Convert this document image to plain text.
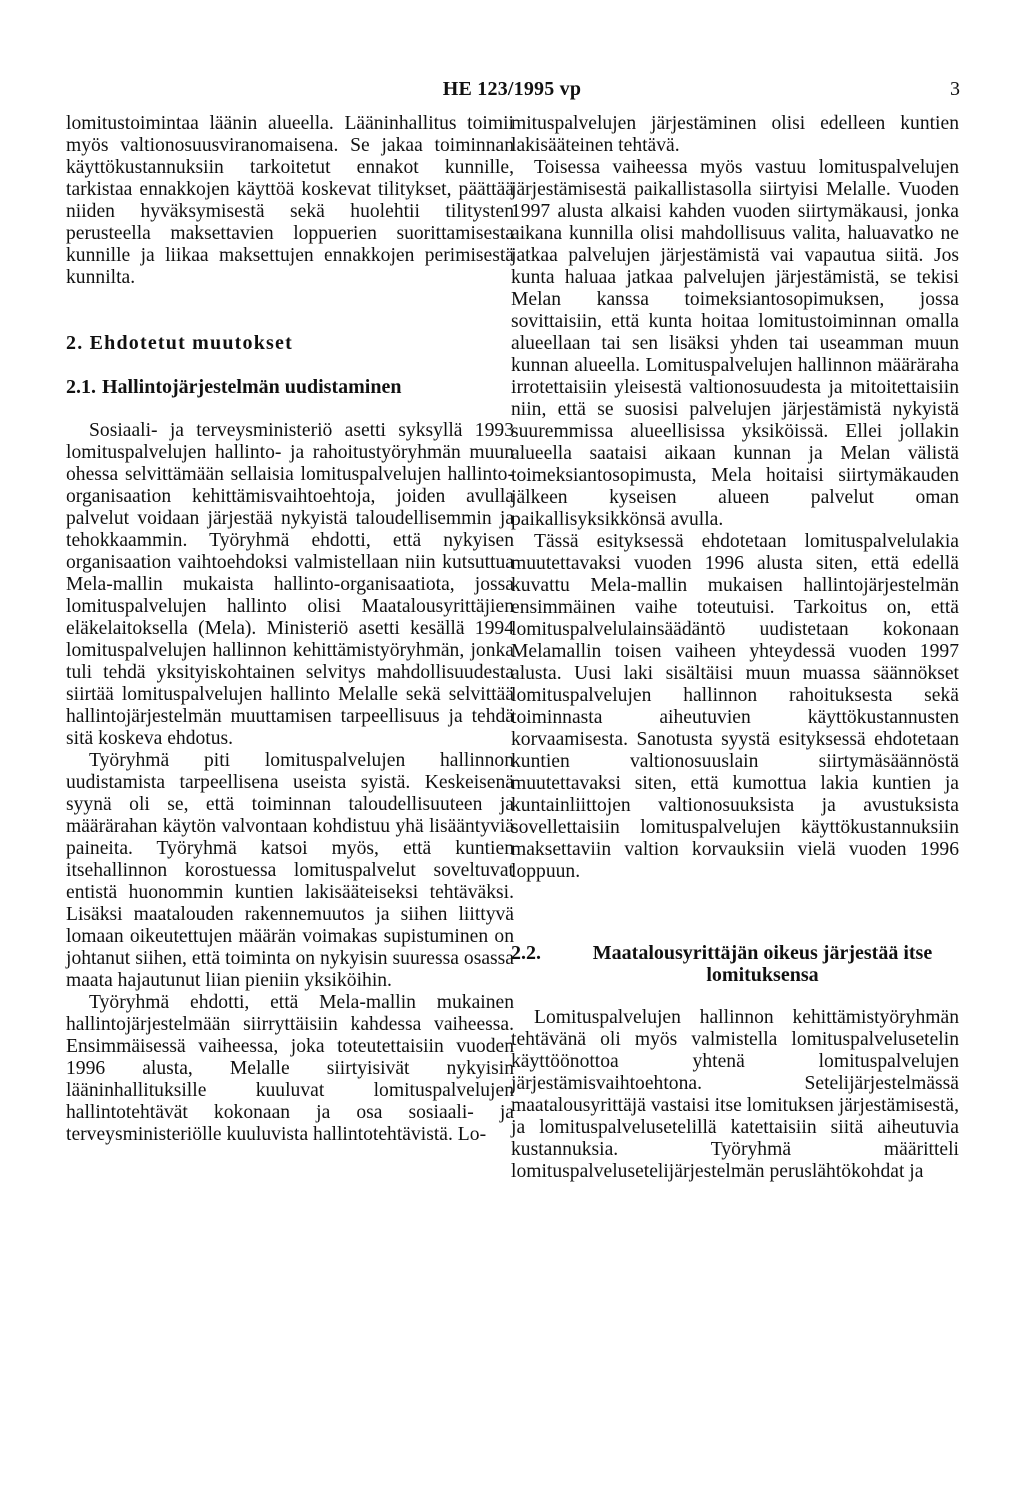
HE 123/1995 vp	3

lomitustoimintaa läänin alueella. Lääninhallitus toimii myös valtionosuusviranomaisena. Se jakaa toiminnan käyttökustannuksiin tarkoitetut ennakot kunnille, tarkistaa ennakkojen käyttöä koskevat tilitykset, päättää niiden hyväksymisestä sekä huolehtii tilitysten perusteella maksettavien loppuerien suorittamisesta kunnille ja liikaa maksettujen ennakkojen perimisestä kunnilta.

2. Ehdotetut muutokset

2.1. Hallintojärjestelmän uudistaminen

Sosiaali- ja terveysministeriö asetti syksyllä 1993 lomituspalvelujen hallinto- ja rahoitustyöryhmän muun ohessa selvittämään sellaisia lomituspalvelujen hallinto-organisaation kehittämisvaihtoehtoja, joiden avulla palvelut voidaan järjestää nykyistä taloudellisemmin ja tehokkaammin. Työryhmä ehdotti, että nykyisen organisaation vaihtoehdoksi valmistellaan niin kutsuttua Mela-mallin mukaista hallinto-organisaatiota, jossa lomituspalvelujen hallinto olisi Maatalousyrittäjien eläkelaitoksella (Mela). Ministeriö asetti kesällä 1994 lomituspalvelujen hallinnon kehittämistyöryhmän, jonka tuli tehdä yksityiskohtainen selvitys mahdollisuudesta siirtää lomituspalvelujen hallinto Melalle sekä selvittää hallintojärjestelmän muuttamisen tarpeellisuus ja tehdä sitä koskeva ehdotus.

Työryhmä piti lomituspalvelujen hallinnon uudistamista tarpeellisena useista syistä. Keskeisenä syynä oli se, että toiminnan taloudellisuuteen ja määrärahan käytön valvontaan kohdistuu yhä lisääntyviä paineita. Työryhmä katsoi myös, että kuntien itsehallinnon korostuessa lomituspalvelut soveltuvat entistä huonommin kuntien lakisääteiseksi tehtäväksi. Lisäksi maatalouden rakennemuutos ja siihen liittyvä lomaan oikeutettujen määrän voimakas supistuminen on johtanut siihen, että toiminta on nykyisin suuressa osassa maata hajautunut liian pieniin yksiköihin.

Työryhmä ehdotti, että Mela-mallin mukainen hallintojärjestelmään siirryttäisiin kahdessa vaiheessa. Ensimmäisessä vaiheessa, joka toteutettaisiin vuoden 1996 alusta, Melalle siirtyisivät nykyisin lääninhallituksille kuuluvat lomituspalvelujen hallintotehtävät kokonaan ja osa sosiaali- ja terveysministeriölle kuuluvista hallintotehtävistä. Lo-

mituspalvelujen järjestäminen olisi edelleen kuntien lakisääteinen tehtävä.

Toisessa vaiheessa myös vastuu lomituspalvelujen järjestämisestä paikallistasolla siirtyisi Melalle. Vuoden 1997 alusta alkaisi kahden vuoden siirtymäkausi, jonka aikana kunnilla olisi mahdollisuus valita, haluavatko ne jatkaa palvelujen järjestämistä vai vapautua siitä. Jos kunta haluaa jatkaa palvelujen järjestämistä, se tekisi Melan kanssa toimeksiantosopimuksen, jossa sovittaisiin, että kunta hoitaa lomitustoiminnan omalla alueellaan tai sen lisäksi yhden tai useamman muun kunnan alueella. Lomituspalvelujen hallinnon määräraha irrotettaisiin yleisestä valtionosuudesta ja mitoitettaisiin niin, että se suosisi palvelujen järjestämistä nykyistä suuremmissa alueellisissa yksiköissä. Ellei jollakin alueella saataisi aikaan kunnan ja Melan välistä toimeksiantosopimusta, Mela hoitaisi siirtymäkauden jälkeen kyseisen alueen palvelut oman paikallisyksikkönsä avulla.

Tässä esityksessä ehdotetaan lomituspalvelulakia muutettavaksi vuoden 1996 alusta siten, että edellä kuvattu Mela-mallin mukaisen hallintojärjestelmän ensimmäinen vaihe toteutuisi. Tarkoitus on, että lomituspalvelulainsäädäntö uudistetaan kokonaan Melamallin toisen vaiheen yhteydessä vuoden 1997 alusta. Uusi laki sisältäisi muun muassa säännökset lomituspalvelujen hallinnon rahoituksesta sekä toiminnasta aiheutuvien käyttökustannusten korvaamisesta. Sanotusta syystä esityksessä ehdotetaan kuntien valtionosuuslain siirtymäsäännöstä muutettavaksi siten, että kumottua lakia kuntien ja kuntainliittojen valtionosuuksista ja avustuksista sovellettaisiin lomituspalvelujen käyttökustannuksiin maksettaviin valtion korvauksiin vielä vuoden 1996 loppuun.

2.2.	Maatalousyrittäjän oikeus järjestää itse lomituksensa

Lomituspalvelujen hallinnon kehittämistyöryhmän tehtävänä oli myös valmistella lomituspalvelusetelin käyttöönottoa yhtenä lomituspalvelujen järjestämisvaihtoehtona. Setelijärjestelmässä maatalousyrittäjä vastaisi itse lomituksen järjestämisestä, ja lomituspalvelusetelillä katettaisiin siitä aiheutuvia kustannuksia. Työryhmä määritteli lomituspalvelusetelijärjestelmän peruslähtökohdat ja
